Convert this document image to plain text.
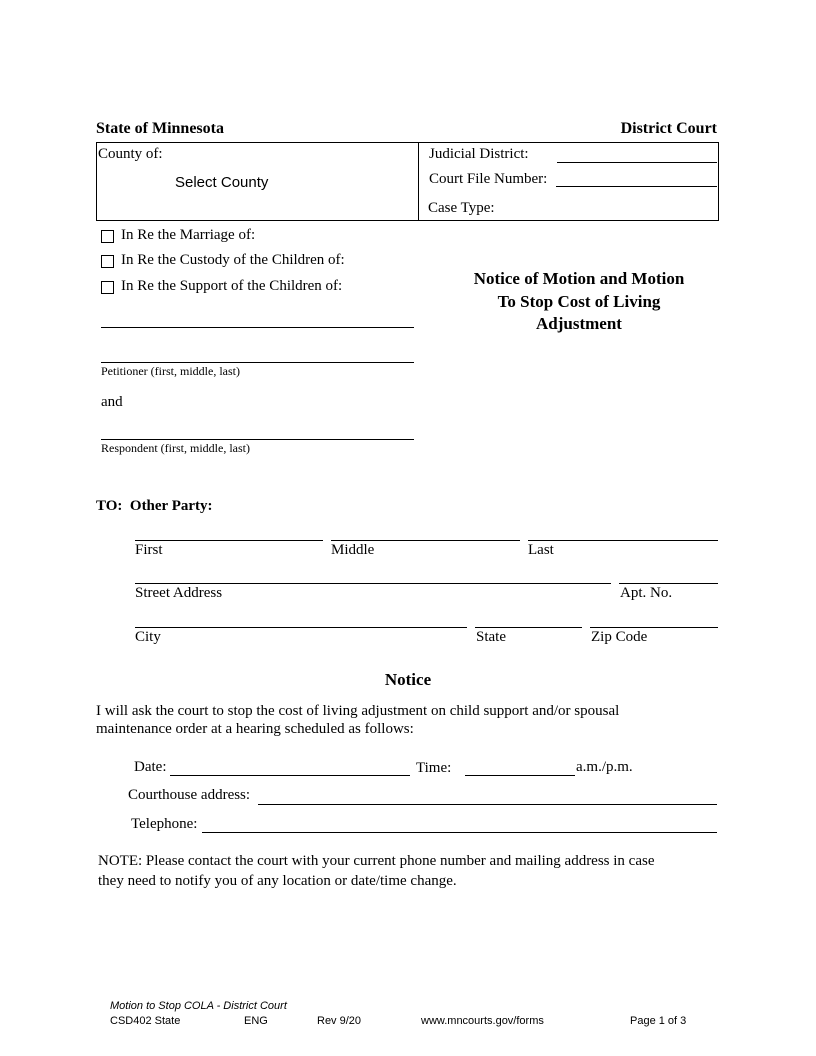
State of Minnesota	District Court
County of:
Select County
Judicial District:
Court File Number:
Case Type:
In Re the Marriage of:
In Re the Custody of the Children of:
In Re the Support of the Children of:	Notice of Motion and Motion
To Stop Cost of Living
Adjustment
Petitioner (first, middle, last)
and
Respondent (first, middle, last)
TO:  Other Party:
First	Middle	Last
Street Address	Apt. No.
City	State	Zip Code
Notice
I will ask the court to stop the cost of living adjustment on child support and/or spousal
maintenance order at a hearing scheduled as follows:
Date:	Time:	a.m./p.m.
Courthouse address:
Telephone:
NOTE: Please contact the court with your current phone number and mailing address in case
they need to notify you of any location or date/time change.
Motion to Stop COLA - District Court
CSD402 State	ENG	Rev 9/20	www.mncourts.gov/forms	Page 1 of 3
